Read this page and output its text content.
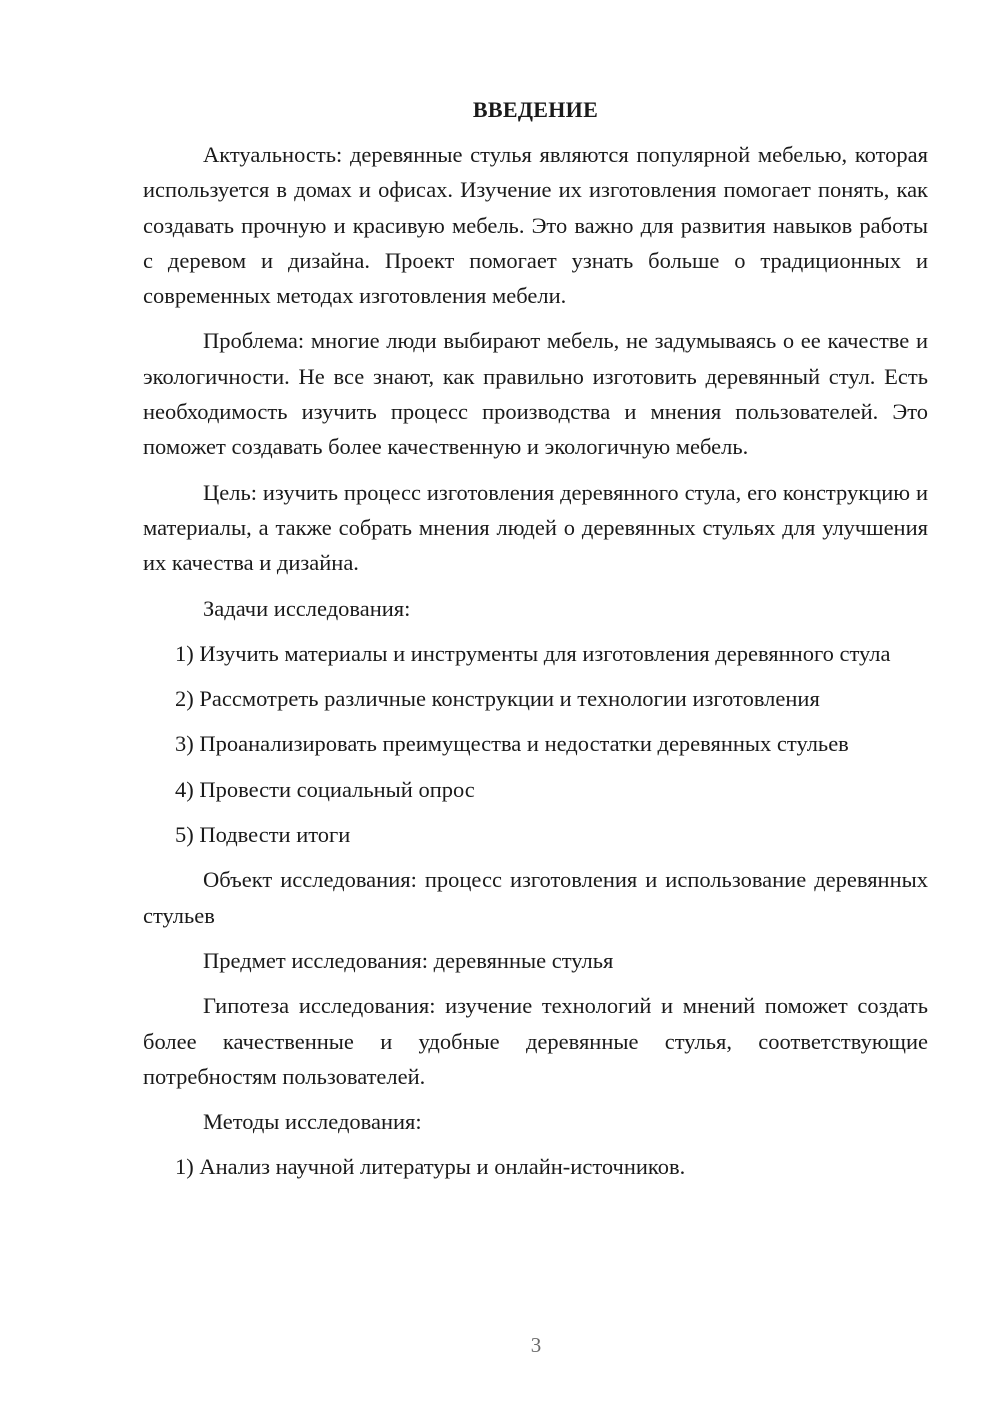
ВВЕДЕНИЕ

Актуальность: деревянные стулья являются популярной мебелью, которая используется в домах и офисах. Изучение их изготовления помогает понять, как создавать прочную и красивую мебель. Это важно для развития навыков работы с деревом и дизайна. Проект помогает узнать больше о традиционных и современных методах изготовления мебели.

Проблема: многие люди выбирают мебель, не задумываясь о ее качестве и экологичности. Не все знают, как правильно изготовить деревянный стул. Есть необходимость изучить процесс производства и мнения пользователей. Это поможет создавать более качественную и экологичную мебель.

Цель: изучить процесс изготовления деревянного стула, его конструкцию и материалы, а также собрать мнения людей о деревянных стульях для улучшения их качества и дизайна.

Задачи исследования:

1) Изучить материалы и инструменты для изготовления деревянного стула

2) Рассмотреть различные конструкции и технологии изготовления

3) Проанализировать преимущества и недостатки деревянных стульев

4) Провести социальный опрос

5) Подвести итоги

Объект исследования: процесс изготовления и использование деревянных стульев

Предмет исследования: деревянные стулья

Гипотеза исследования: изучение технологий и мнений поможет создать более качественные и удобные деревянные стулья, соответствующие потребностям пользователей.

Методы исследования:

1) Анализ научной литературы и онлайн-источников.

3
